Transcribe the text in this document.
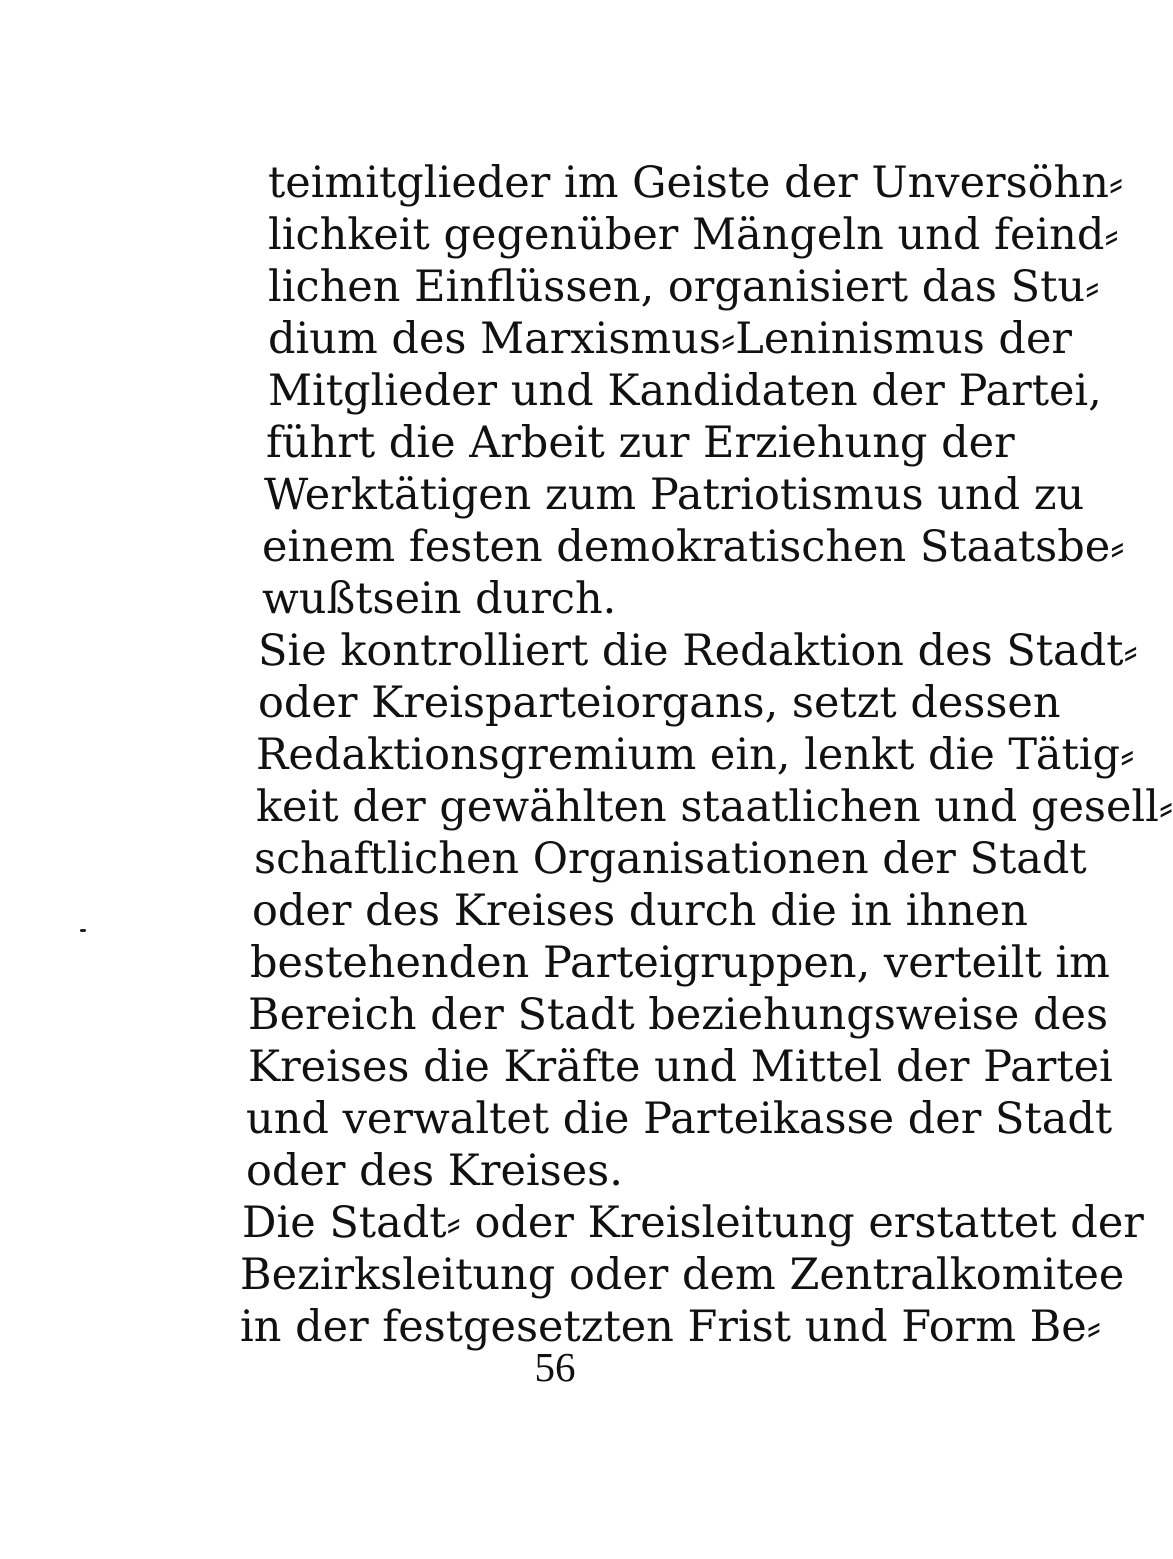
teimitglieder im Geiste der Unversöhn⸗

lichkeit gegenüber Mängeln und feind⸗

lichen Einflüssen, organisiert das Stu⸗

dium des Marxismus⸗Leninismus der

Mitglieder und Kandidaten der Partei,

führt die Arbeit zur Erziehung der

Werktätigen zum Patriotismus und zu

einem festen demokratischen Staatsbe⸗

wußtsein durch.

Sie kontrolliert die Redaktion des Stadt⸗

oder Kreisparteiorgans, setzt dessen

Redaktionsgremium ein, lenkt die Tätig⸗

keit der gewählten staatlichen und gesell⸗

schaftlichen Organisationen der Stadt

oder des Kreises durch die in ihnen

bestehenden Parteigruppen, verteilt im

Bereich der Stadt beziehungsweise des

Kreises die Kräfte und Mittel der Partei

und verwaltet die Parteikasse der Stadt

oder des Kreises.

Die Stadt⸗ oder Kreisleitung erstattet der

Bezirksleitung oder dem Zentralkomitee

in der festgesetzten Frist und Form Be⸗

56
